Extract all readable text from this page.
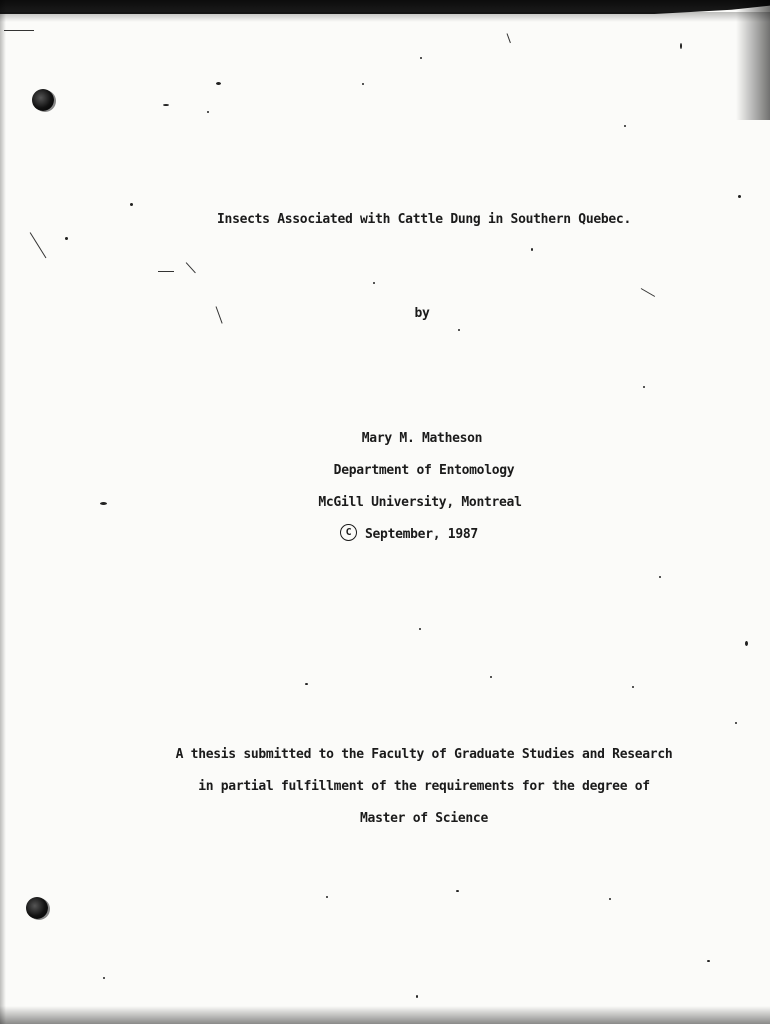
Insects Associated with Cattle Dung in Southern Quebec.
by
Mary M. Matheson
Department of Entomology
McGill University, Montreal
C September, 1987
A thesis submitted to the Faculty of Graduate Studies and Research
in partial fulfillment of the requirements for the degree of
Master of Science
